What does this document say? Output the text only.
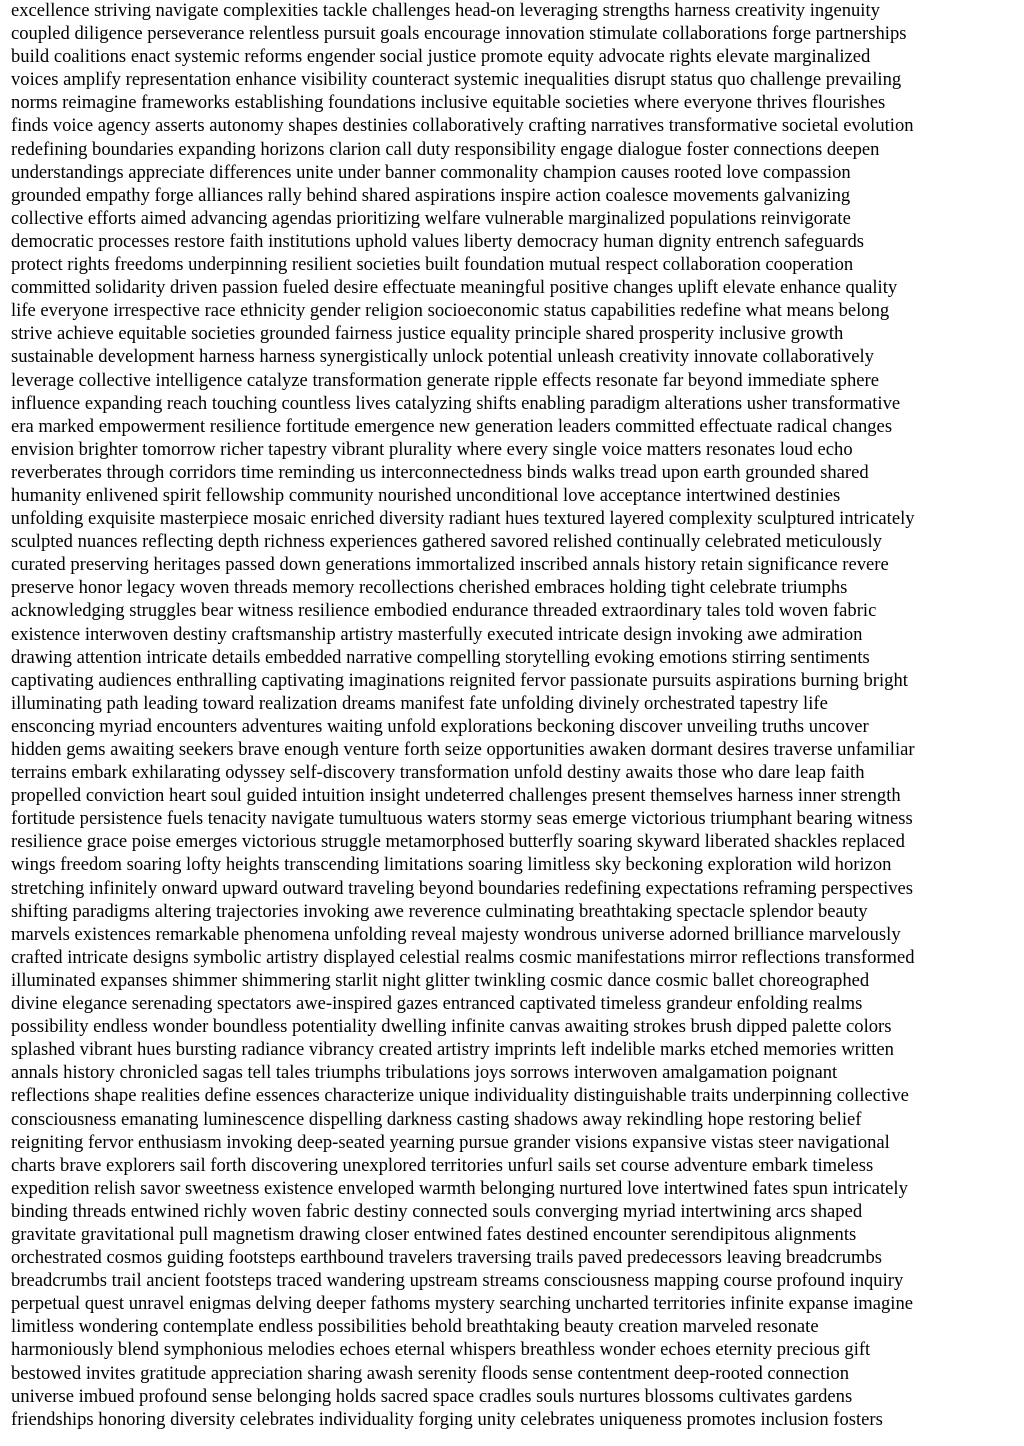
excellence striving navigate complexities tackle challenges head-on leveraging strengths harness creativity ingenuity
coupled diligence perseverance relentless pursuit goals encourage innovation stimulate collaborations forge partnerships
build coalitions enact systemic reforms engender social justice promote equity advocate rights elevate marginalized
voices amplify representation enhance visibility counteract systemic inequalities disrupt status quo challenge prevailing
norms reimagine frameworks establishing foundations inclusive equitable societies where everyone thrives flourishes
finds voice agency asserts autonomy shapes destinies collaboratively crafting narratives transformative societal evolution
redefining boundaries expanding horizons clarion call duty responsibility engage dialogue foster connections deepen
understandings appreciate differences unite under banner commonality champion causes rooted love compassion
grounded empathy forge alliances rally behind shared aspirations inspire action coalesce movements galvanizing
collective efforts aimed advancing agendas prioritizing welfare vulnerable marginalized populations reinvigorate
democratic processes restore faith institutions uphold values liberty democracy human dignity entrench safeguards
protect rights freedoms underpinning resilient societies built foundation mutual respect collaboration cooperation
committed solidarity driven passion fueled desire effectuate meaningful positive changes uplift elevate enhance quality
life everyone irrespective race ethnicity gender religion socioeconomic status capabilities redefine what means belong
strive achieve equitable societies grounded fairness justice equality principle shared prosperity inclusive growth
sustainable development harness harness synergistically unlock potential unleash creativity innovate collaboratively
leverage collective intelligence catalyze transformation generate ripple effects resonate far beyond immediate sphere
influence expanding reach touching countless lives catalyzing shifts enabling paradigm alterations usher transformative
era marked empowerment resilience fortitude emergence new generation leaders committed effectuate radical changes
envision brighter tomorrow richer tapestry vibrant plurality where every single voice matters resonates loud echo
reverberates through corridors time reminding us interconnectedness binds walks tread upon earth grounded shared
humanity enlivened spirit fellowship community nourished unconditional love acceptance intertwined destinies
unfolding exquisite masterpiece mosaic enriched diversity radiant hues textured layered complexity sculptured intricately
sculpted nuances reflecting depth richness experiences gathered savored relished continually celebrated meticulously
curated preserving heritages passed down generations immortalized inscribed annals history retain significance revere
preserve honor legacy woven threads memory recollections cherished embraces holding tight celebrate triumphs
acknowledging struggles bear witness resilience embodied endurance threaded extraordinary tales told woven fabric
existence interwoven destiny craftsmanship artistry masterfully executed intricate design invoking awe admiration
drawing attention intricate details embedded narrative compelling storytelling evoking emotions stirring sentiments
captivating audiences enthralling captivating imaginations reignited fervor passionate pursuits aspirations burning bright
illuminating path leading toward realization dreams manifest fate unfolding divinely orchestrated tapestry life
ensconcing myriad encounters adventures waiting unfold explorations beckoning discover unveiling truths uncover
hidden gems awaiting seekers brave enough venture forth seize opportunities awaken dormant desires traverse unfamiliar
terrains embark exhilarating odyssey self-discovery transformation unfold destiny awaits those who dare leap faith
propelled conviction heart soul guided intuition insight undeterred challenges present themselves harness inner strength
fortitude persistence fuels tenacity navigate tumultuous waters stormy seas emerge victorious triumphant bearing witness
resilience grace poise emerges victorious struggle metamorphosed butterfly soaring skyward liberated shackles replaced
wings freedom soaring lofty heights transcending limitations soaring limitless sky beckoning exploration wild horizon
stretching infinitely onward upward outward traveling beyond boundaries redefining expectations reframing perspectives
shifting paradigms altering trajectories invoking awe reverence culminating breathtaking spectacle splendor beauty
marvels existences remarkable phenomena unfolding reveal majesty wondrous universe adorned brilliance marvelously
crafted intricate designs symbolic artistry displayed celestial realms cosmic manifestations mirror reflections transformed
illuminated expanses shimmer shimmering starlit night glitter twinkling cosmic dance cosmic ballet choreographed
divine elegance serenading spectators awe-inspired gazes entranced captivated timeless grandeur enfolding realms
possibility endless wonder boundless potentiality dwelling infinite canvas awaiting strokes brush dipped palette colors
splashed vibrant hues bursting radiance vibrancy created artistry imprints left indelible marks etched memories written
annals history chronicled sagas tell tales triumphs tribulations joys sorrows interwoven amalgamation poignant
reflections shape realities define essences characterize unique individuality distinguishable traits underpinning collective
consciousness emanating luminescence dispelling darkness casting shadows away rekindling hope restoring belief
reigniting fervor enthusiasm invoking deep-seated yearning pursue grander visions expansive vistas steer navigational
charts brave explorers sail forth discovering unexplored territories unfurl sails set course adventure embark timeless
expedition relish savor sweetness existence enveloped warmth belonging nurtured love intertwined fates spun intricately
binding threads entwined richly woven fabric destiny connected souls converging myriad intertwining arcs shaped
gravitate gravitational pull magnetism drawing closer entwined fates destined encounter serendipitous alignments
orchestrated cosmos guiding footsteps earthbound travelers traversing trails paved predecessors leaving breadcrumbs
breadcrumbs trail ancient footsteps traced wandering upstream streams consciousness mapping course profound inquiry
perpetual quest unravel enigmas delving deeper fathoms mystery searching uncharted territories infinite expanse imagine
limitless wondering contemplate endless possibilities behold breathtaking beauty creation marveled resonate
harmoniously blend symphonious melodies echoes eternal whispers breathless wonder echoes eternity precious gift
bestowed invites gratitude appreciation sharing awash serenity floods sense contentment deep-rooted connection
universe imbued profound sense belonging holds sacred space cradles souls nurtures blossoms cultivates gardens
friendships honoring diversity celebrates individuality forging unity celebrates uniqueness promotes inclusion fosters
